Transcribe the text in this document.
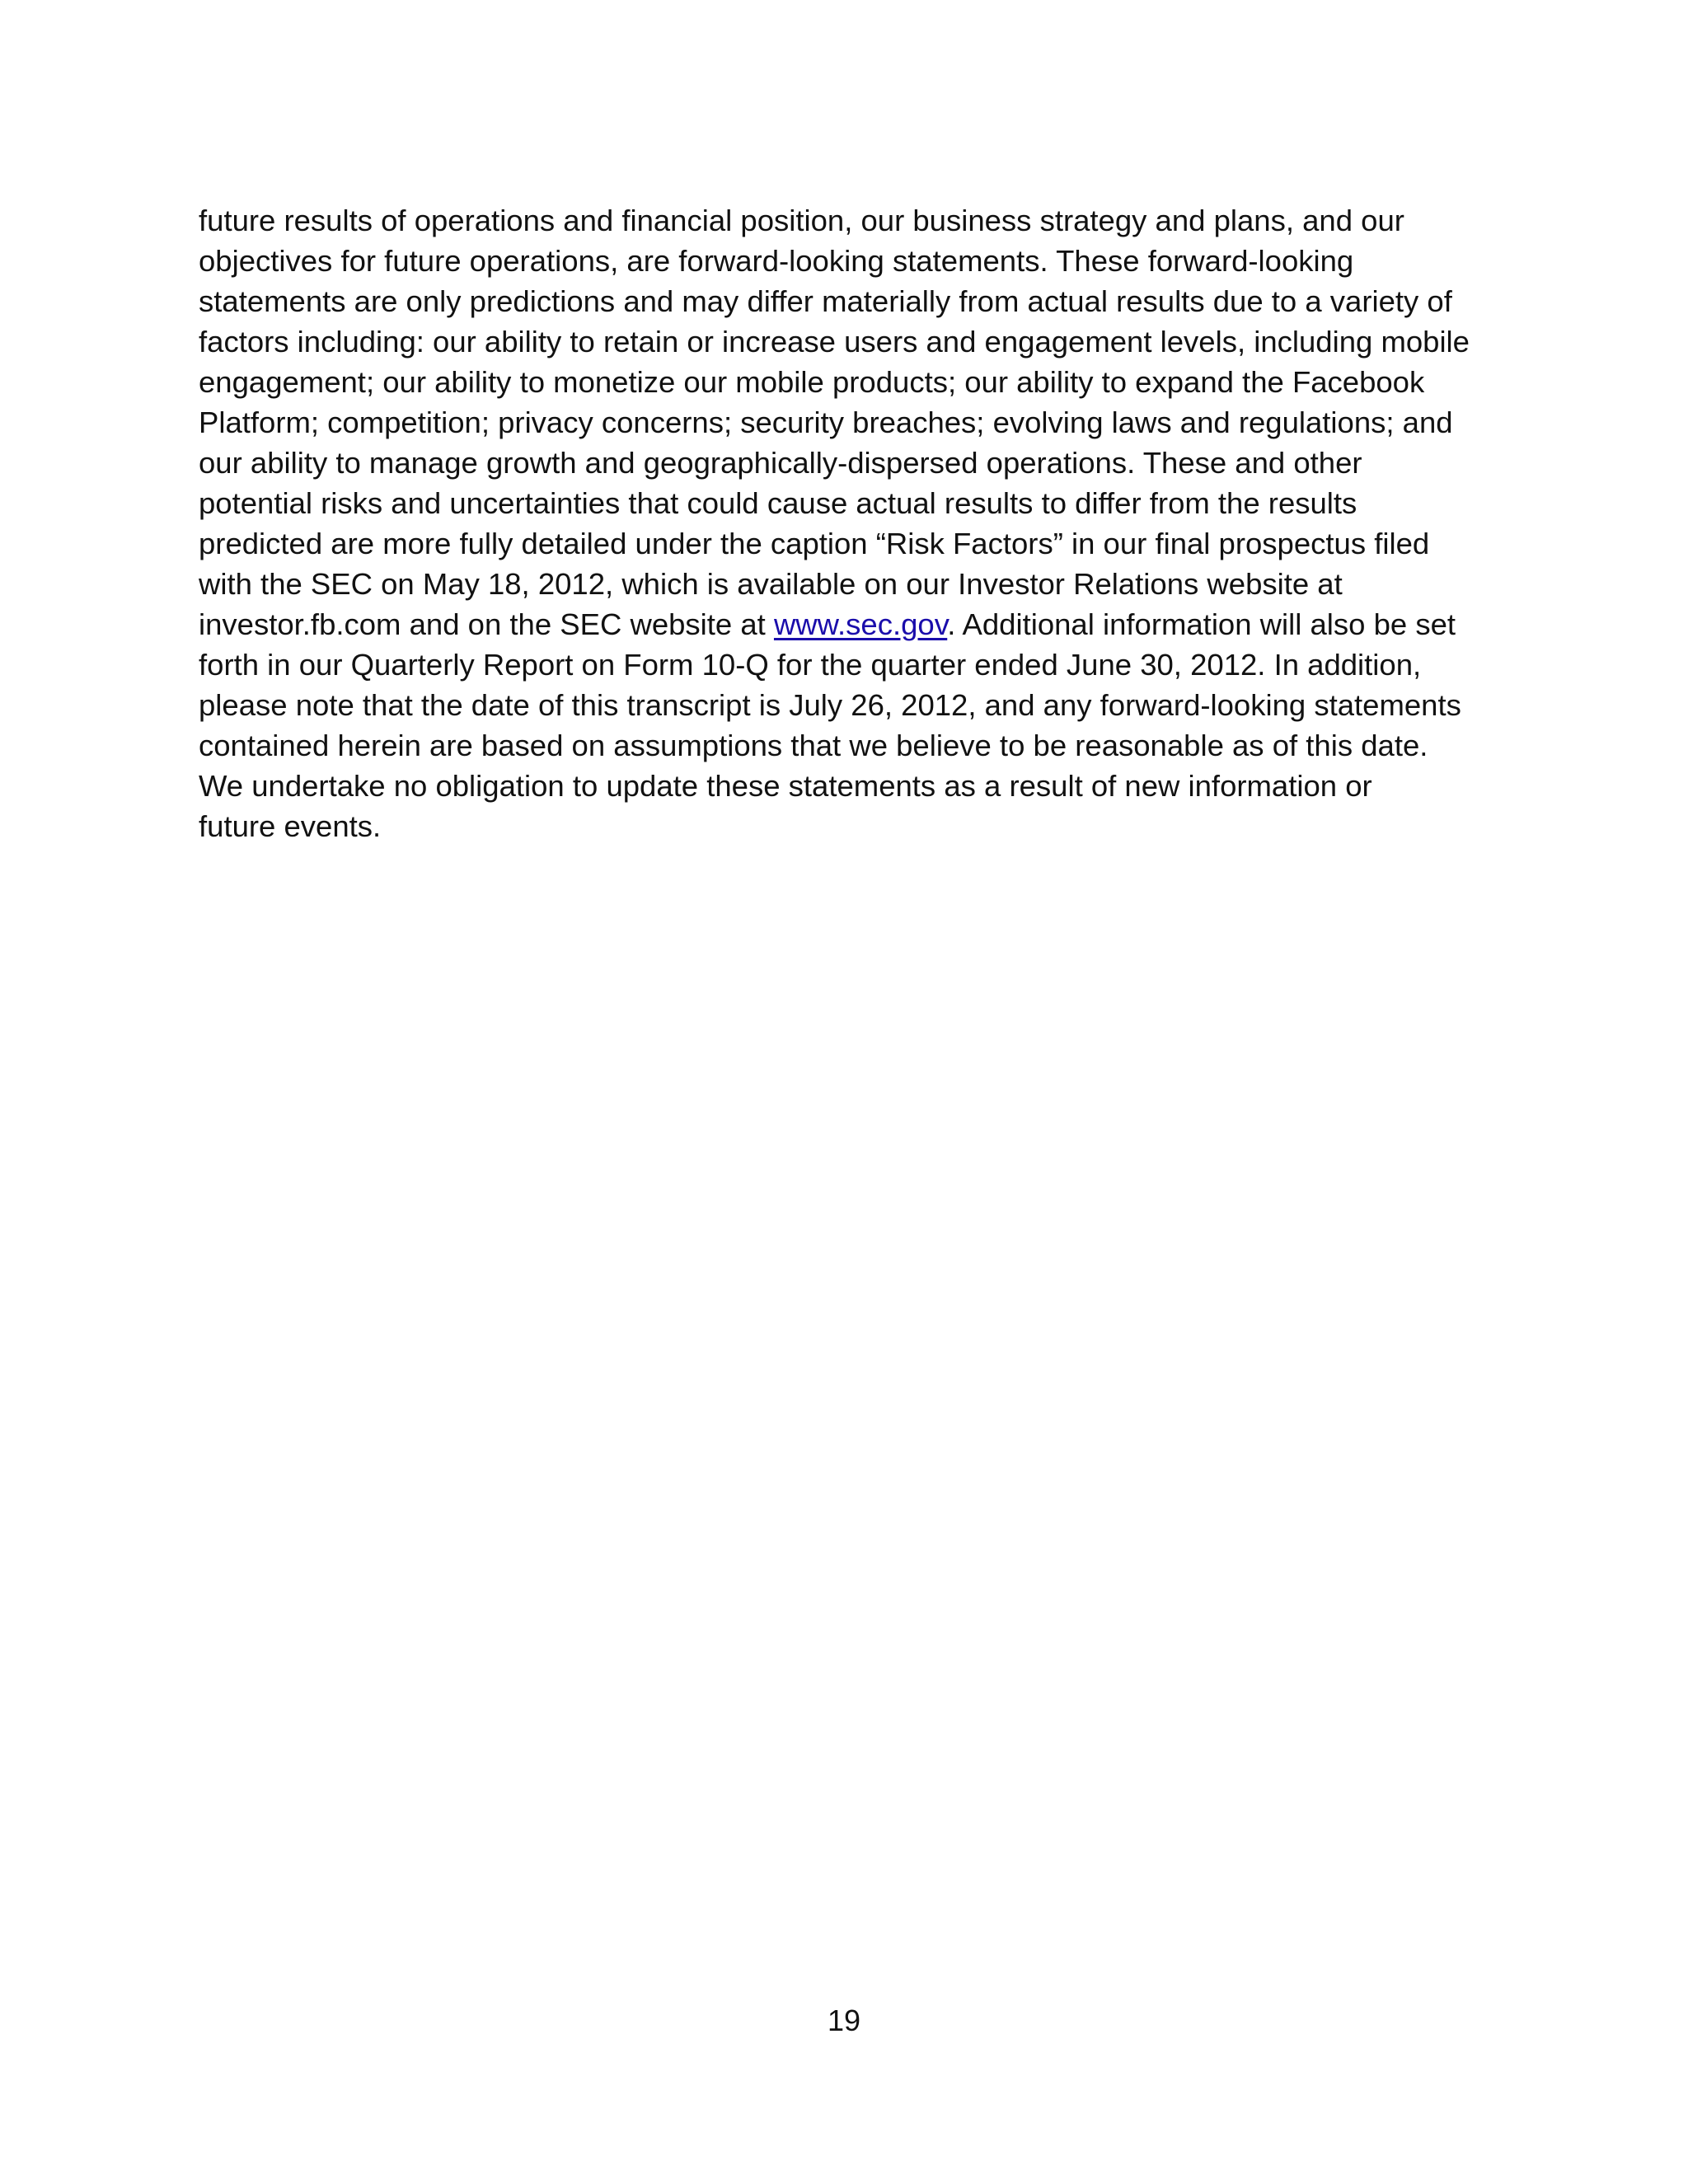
future results of operations and financial position, our business strategy and plans, and our
objectives for future operations, are forward-looking statements. These forward-looking
statements are only predictions and may differ materially from actual results due to a variety of
factors including: our ability to retain or increase users and engagement levels, including mobile
engagement; our ability to monetize our mobile products; our ability to expand the Facebook
Platform; competition; privacy concerns; security breaches; evolving laws and regulations; and
our ability to manage growth and geographically-dispersed operations. These and other
potential risks and uncertainties that could cause actual results to differ from the results
predicted are more fully detailed under the caption “Risk Factors” in our final prospectus filed
with the SEC on May 18, 2012, which is available on our Investor Relations website at
investor.fb.com and on the SEC website at www.sec.gov. Additional information will also be set
forth in our Quarterly Report on Form 10-Q for the quarter ended June 30, 2012. In addition,
please note that the date of this transcript is July 26, 2012, and any forward-looking statements
contained herein are based on assumptions that we believe to be reasonable as of this date.
We undertake no obligation to update these statements as a result of new information or
future events.

19
